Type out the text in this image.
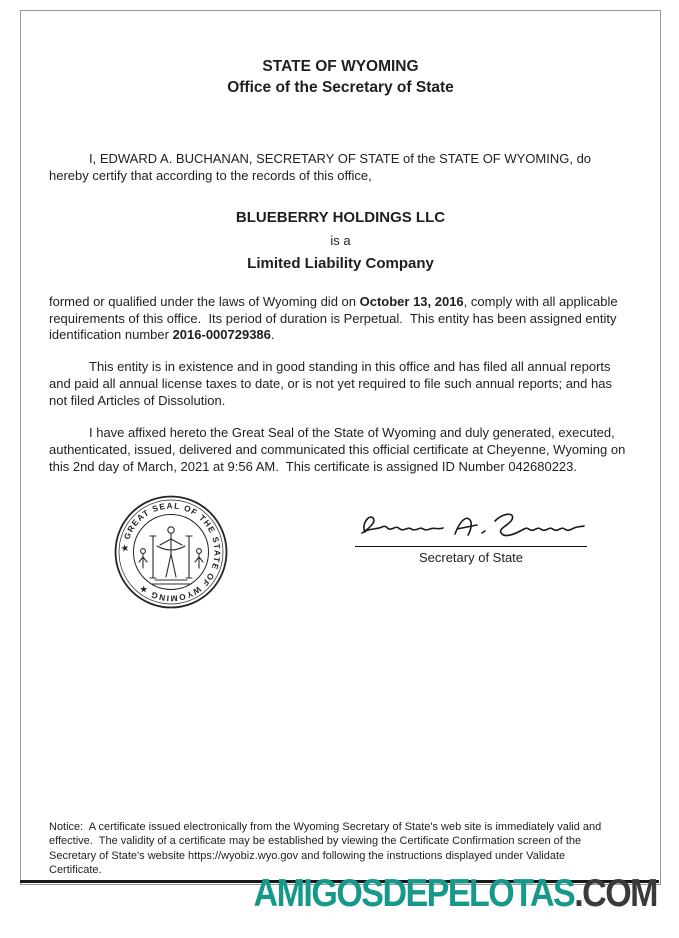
STATE OF WYOMING
Office of the Secretary of State

I, EDWARD A. BUCHANAN, SECRETARY OF STATE of the STATE OF WYOMING, do hereby certify that according to the records of this office,

BLUEBERRY HOLDINGS LLC
is a
Limited Liability Company

formed or qualified under the laws of Wyoming did on October 13, 2016, comply with all applicable requirements of this office.  Its period of duration is Perpetual.  This entity has been assigned entity identification number 2016-000729386.

This entity is in existence and in good standing in this office and has filed all annual reports and paid all annual license taxes to date, or is not yet required to file such annual reports; and has not filed Articles of Dissolution.

I have affixed hereto the Great Seal of the State of Wyoming and duly generated, executed, authenticated, issued, delivered and communicated this official certificate at Cheyenne, Wyoming on this 2nd day of March, 2021 at 9:56 AM.  This certificate is assigned ID Number 042680223.

★ GREAT SEAL OF THE STATE OF WYOMING ★
Secretary of State
Notice:  A certificate issued electronically from the Wyoming Secretary of State's web site is immediately valid and effective.  The validity of a certificate may be established by viewing the Certificate Confirmation screen of the Secretary of State's website https://wyobiz.wyo.gov and following the instructions displayed under Validate Certificate.
AMIGOSDEPELOTAS.COM
